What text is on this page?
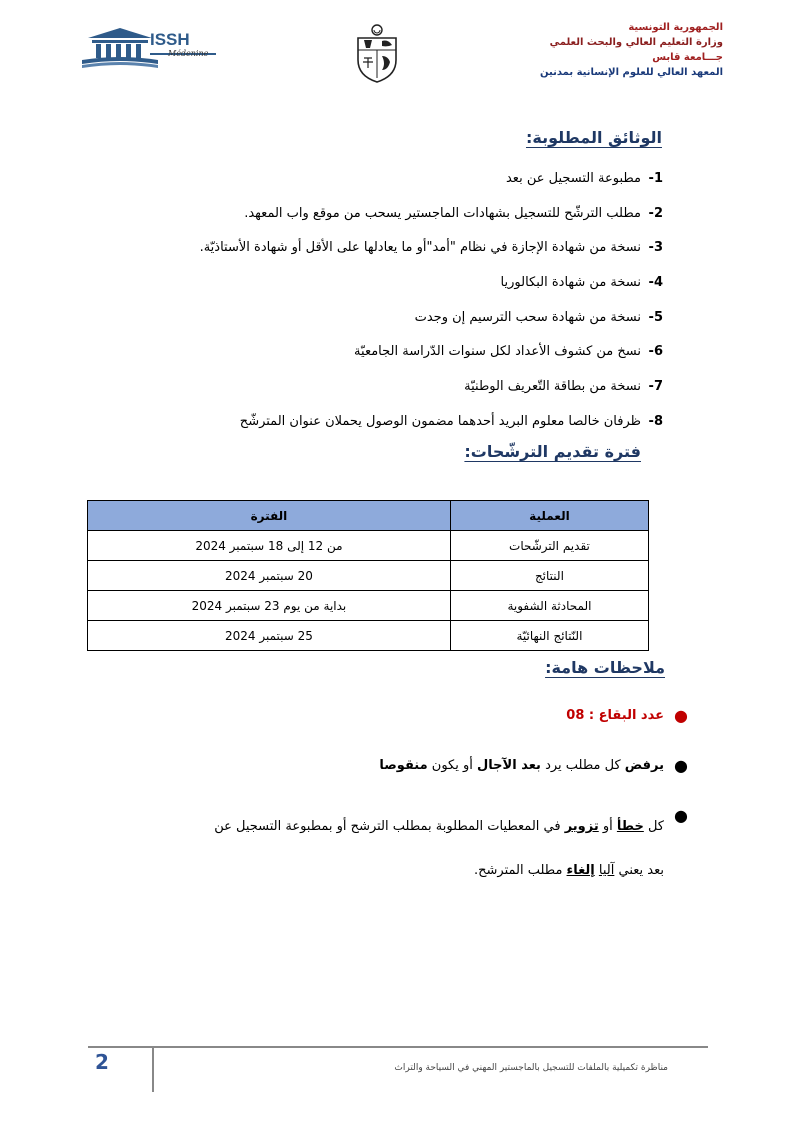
الجمهورية التونسية
وزارة التعليم العالي والبحث العلمي
جـــامعة قابس
المعهد العالي للعلوم الإنسانية بمدنين
ISSH
Médenine
الوثائق المطلوبة:
1-
مطبوعة التسجيل عن بعد
2-
مطلب الترشّح للتسجيل بشهادات الماجستير يسحب من موقع واب المعهد.
3-
نسخة من شهادة الإجازة في نظام "أمد"أو ما يعادلها على الأقل أو شهادة الأستاذيّة.
4-
نسخة من شهادة البكالوريا
5-
نسخة من شهادة سحب الترسيم إن وجدت
6-
نسخ من كشوف الأعداد لكل سنوات الدّراسة الجامعيّة
7-
نسخة من بطاقة التّعريف الوطنيّة
8-
ظرفان خالصا معلوم البريد أحدهما مضمون الوصول يحملان عنوان المترشّح
فترة تقديم الترشّحات:
العملية	الفترة
تقديم الترشّحات	من 12 إلى 18 سبتمبر 2024
النتائج	20 سبتمبر 2024
المحادثة الشفوية	بداية من يوم 23 سبتمبر 2024
النّتائج النهائيّة	25 سبتمبر 2024
ملاحظات هامة:
●
عدد البقاع : 08
●
يرفض كل مطلب يرد بعد الآجال أو يكون منقوصا
●
كل خطأ أو تزوير في المعطيات المطلوبة بمطلب الترشح أو بمطبوعة التسجيل عن
بعد يعني آليا إلغاء مطلب المترشح.
2	مناظرة تكميلية بالملفات للتسجيل بالماجستير المهني في السياحة والتراث
